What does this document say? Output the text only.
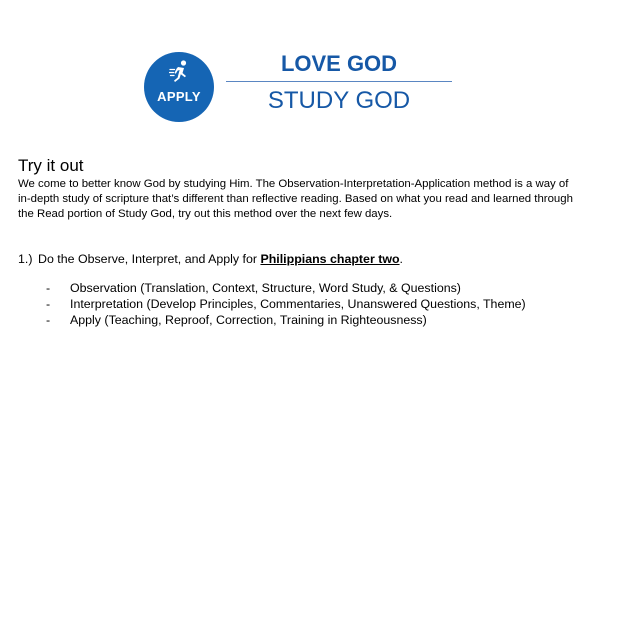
APPLY
LOVE GOD
STUDY GOD
Try it out
We come to better know God by studying Him. The Observation-Interpretation-Application method is a way of in-depth study of scripture that’s different than reflective reading. Based on what you read and learned through the Read portion of Study God, try out this method over the next few days.
1.) Do the Observe, Interpret, and Apply for Philippians chapter two.
- Observation (Translation, Context, Structure, Word Study, & Questions)
- Interpretation (Develop Principles, Commentaries, Unanswered Questions, Theme)
- Apply (Teaching, Reproof, Correction, Training in Righteousness)
